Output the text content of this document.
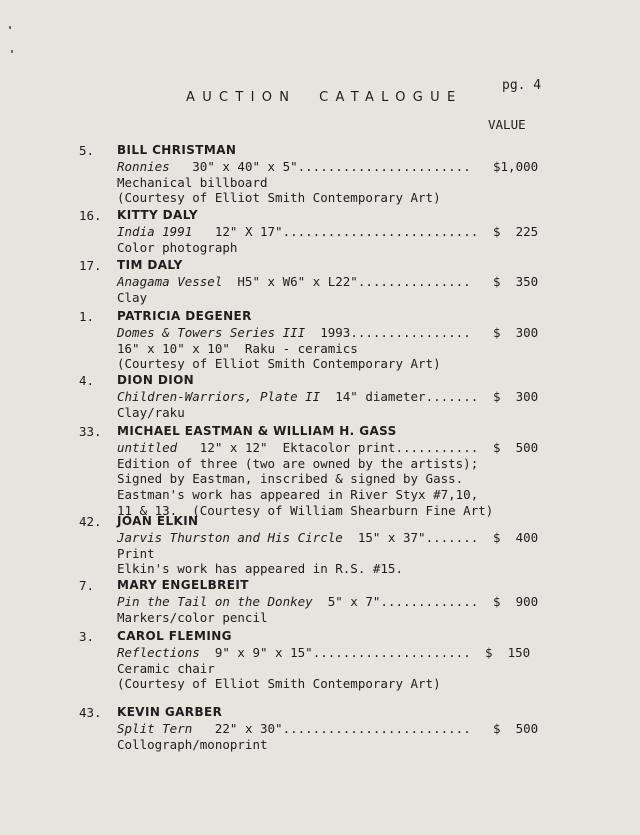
pg. 4
AUCTION  CATALOGUE
VALUE
5. BILL CHRISTMAN
Ronnies   30" x 40" x 5"....................... $1,000
Mechanical billboard
(Courtesy of Elliot Smith Contemporary Art)
16. KITTY DALY
India 1991   12" X 17".......................... $  225
Color photograph
17. TIM DALY
Anagama Vessel  H5" x W6" x L22"............... $  350
Clay
1. PATRICIA DEGENER
Domes & Towers Series III  1993................ $  300
16" x 10" x 10"  Raku - ceramics
(Courtesy of Elliot Smith Contemporary Art)
4. DION DION
Children-Warriors, Plate II  14" diameter....... $  300
Clay/raku
33. MICHAEL EASTMAN & WILLIAM H. GASS
untitled   12" x 12"  Ektacolor print........... $  500
Edition of three (two are owned by the artists);
Signed by Eastman, inscribed & signed by Gass.
Eastman's work has appeared in River Styx #7,10,
11 & 13.  (Courtesy of William Shearburn Fine Art)
42. JOAN ELKIN
Jarvis Thurston and His Circle  15" x 37"....... $  400
Print
Elkin's work has appeared in R.S. #15.
7. MARY ENGELBREIT
Pin the Tail on the Donkey  5" x 7"............. $  900
Markers/color pencil
3. CAROL FLEMING
Reflections  9" x 9" x 15"..................... $  150
Ceramic chair
(Courtesy of Elliot Smith Contemporary Art)
43. KEVIN GARBER
Split Tern   22" x 30"......................... $  500
Collograph/monoprint
